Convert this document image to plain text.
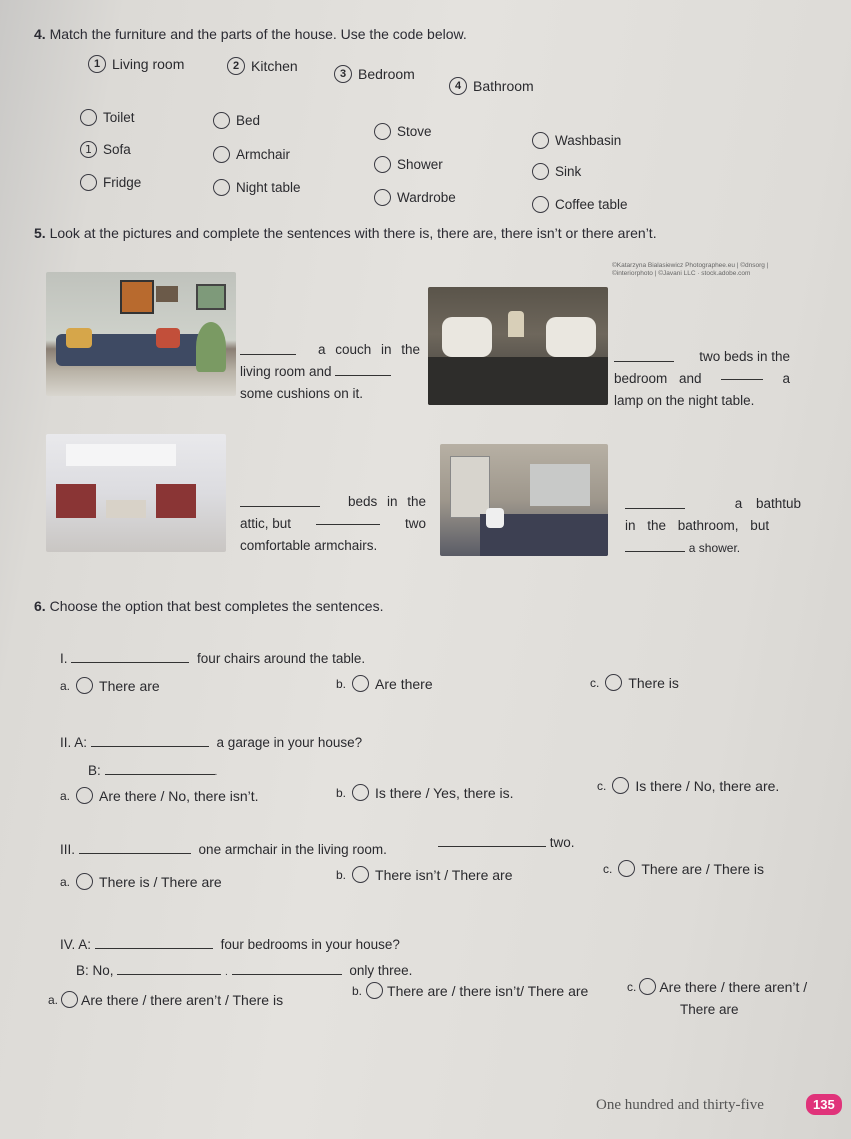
4. Match the furniture and the parts of the house. Use the code below.
1 Living room	2 Kitchen	3 Bedroom
4 Bathroom
Toilet
1 Sofa
Fridge
Bed
Armchair
Night table
Stove
Shower
Wardrobe
Washbasin
Sink
Coffee table
5. Look at the pictures and complete the sentences with there is, there are, there isn’t or there aren’t.
©Katarzyna Bialasiewicz Photographee.eu | ©dnsorg |
©interiorphoto | ©Javani LLC · stock.adobe.com
a couch in the
living room and
some cushions on it.
two beds in the
bedroom and	a
lamp on the night table.
beds in the
attic, but	two
comfortable armchairs.
a bathtub
in the bathroom, but
a shower.
6. Choose the option that best completes the sentences.
I.	four chairs around the table.
a. There are	b. Are there	c. There is
II. A:	a garage in your house?
B:	.
a. Are there / No, there isn’t.	b. Is there / Yes, there is.	c. Is there / No, there are.
III.	one armchair in the living room.	two.
a. There is / There are	b. There isn’t / There are	c. There are / There is
IV. A:	four bedrooms in your house?
B: No,	.	only three.
a. Are there / there aren’t / There is
b. There are / there isn’t/ There are	c. Are there / there aren’t /
There are
One hundred and thirty-five	135
